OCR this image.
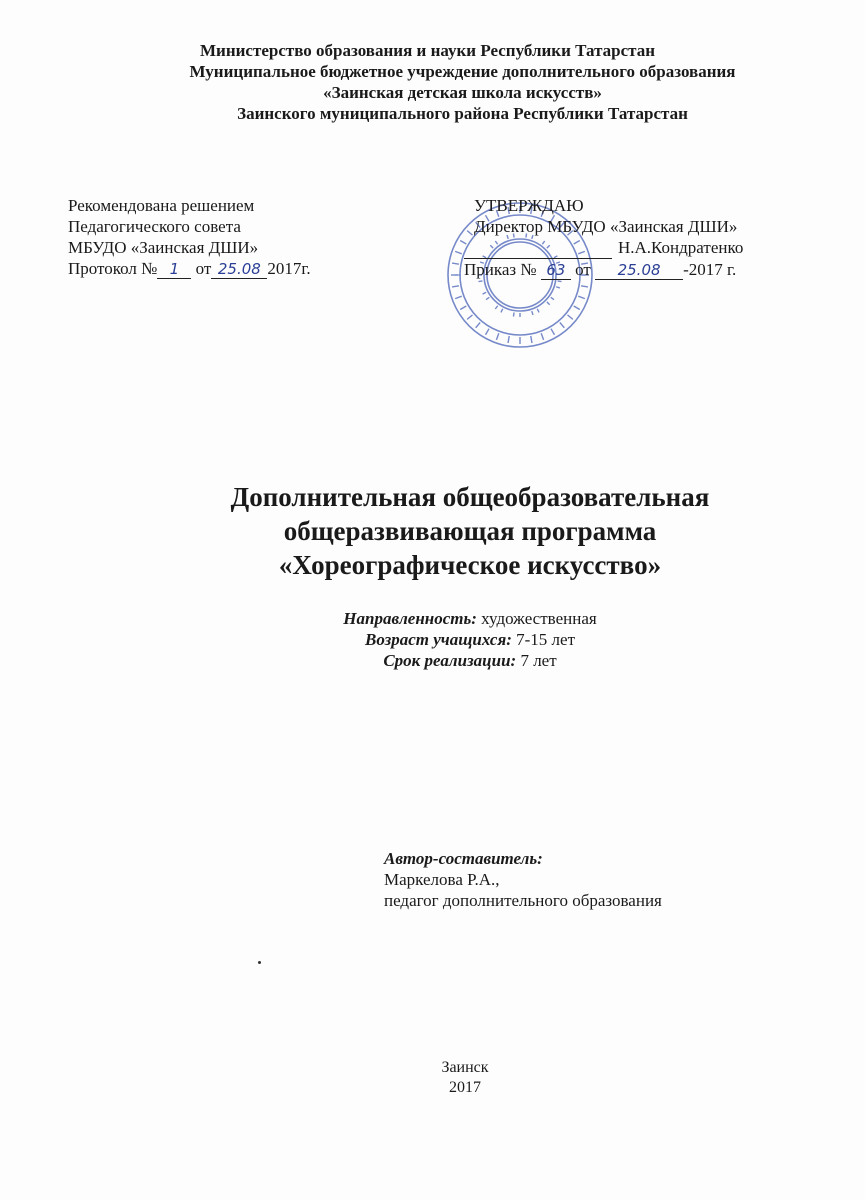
Министерство образования и науки Республики Татарстан
Муниципальное бюджетное учреждение дополнительного образования
«Заинская детская школа искусств»
Заинского муниципального района Республики Татарстан
Рекомендована решением
Педагогического совета
МБУДО «Заинская ДШИ»
Протокол № 1 от 25.08 2017г.
УТВЕРЖДАЮ
Директор МБУДО «Заинская ДШИ»
Н.А.Кондратенко
Приказ № 63 от 25.08 -2017 г.
Дополнительная общеобразовательная
общеразвивающая программа
«Хореографическое искусство»
Направленность: художественная
Возраст учащихся: 7-15 лет
Срок реализации: 7 лет
Автор-составитель:
Маркелова Р.А.,
педагог дополнительного образования
Заинск
2017
